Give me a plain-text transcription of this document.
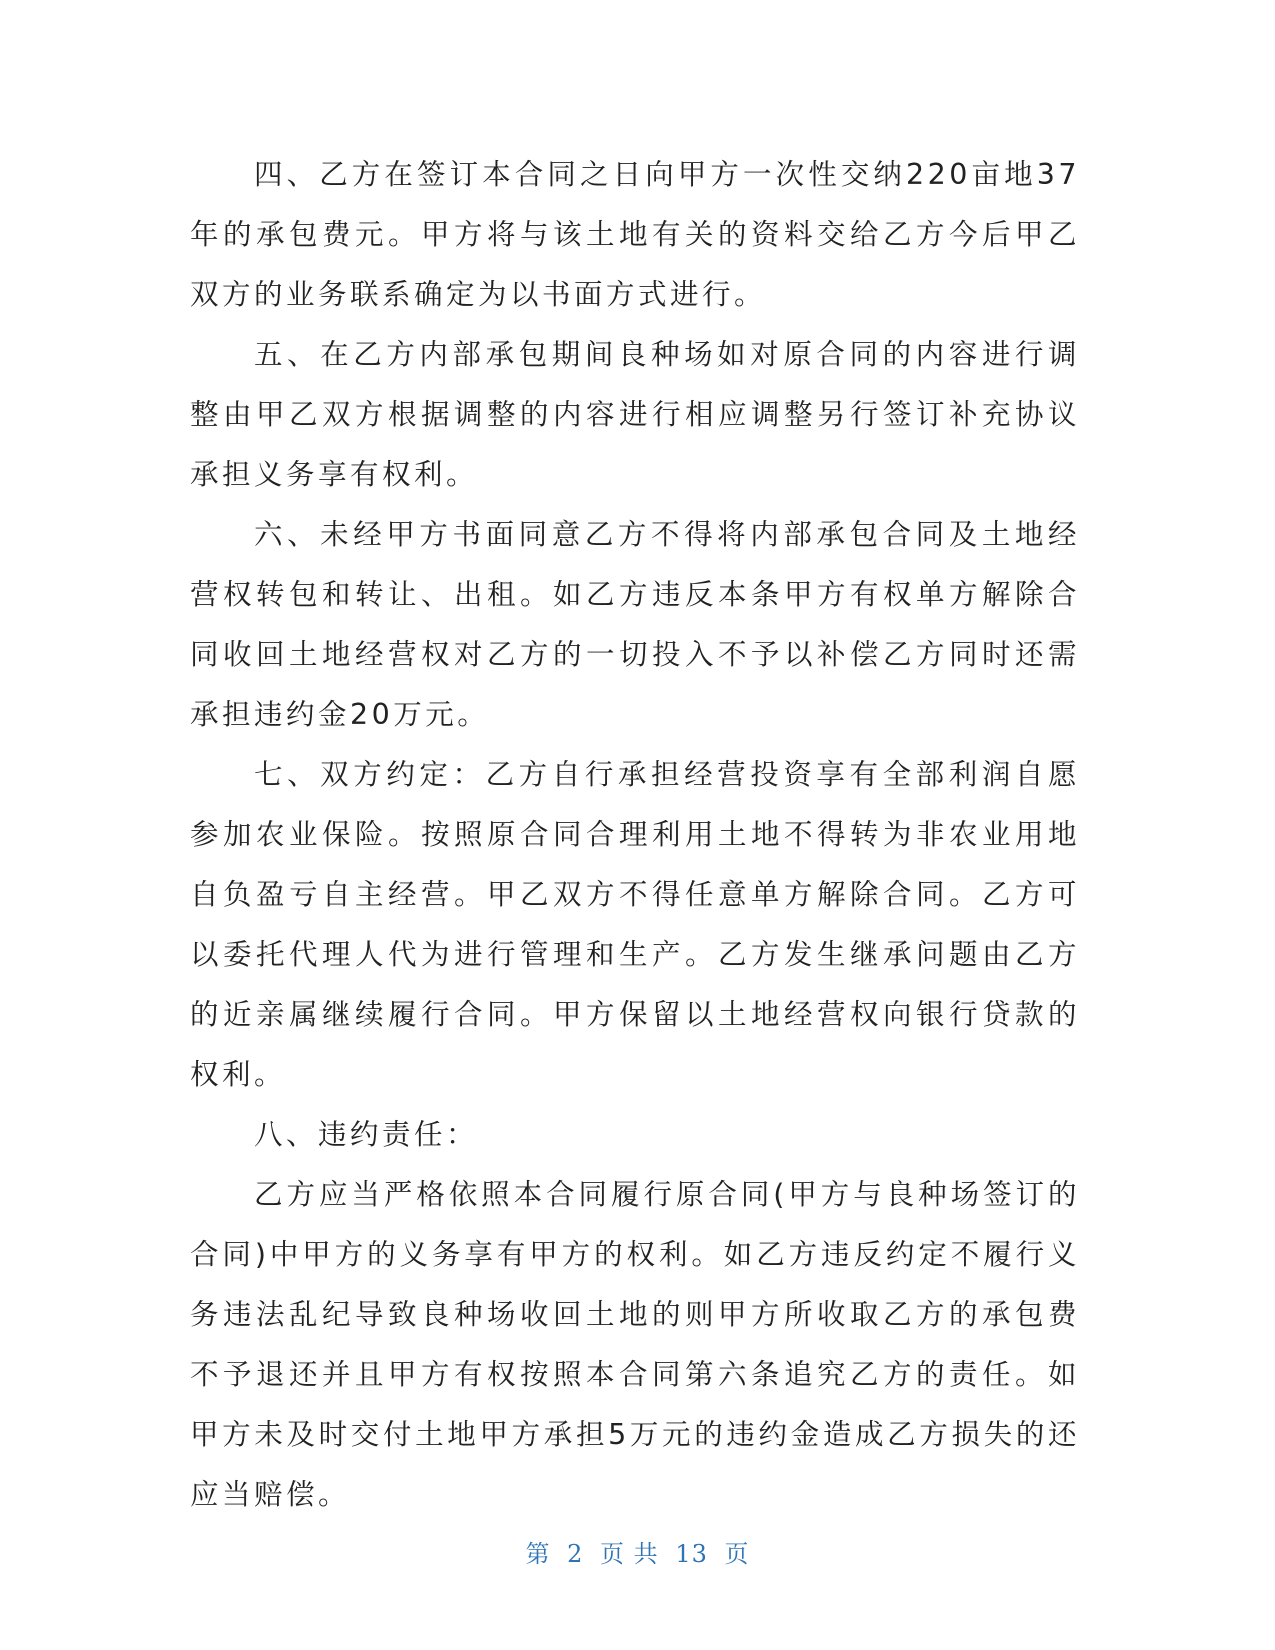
四、乙方在签订本合同之日向甲方一次性交纳220亩地37年的承包费元。甲方将与该土地有关的资料交给乙方今后甲乙双方的业务联系确定为以书面方式进行。

五、在乙方内部承包期间良种场如对原合同的内容进行调整由甲乙双方根据调整的内容进行相应调整另行签订补充协议承担义务享有权利。

六、未经甲方书面同意乙方不得将内部承包合同及土地经营权转包和转让、出租。如乙方违反本条甲方有权单方解除合同收回土地经营权对乙方的一切投入不予以补偿乙方同时还需承担违约金20万元。

七、双方约定：乙方自行承担经营投资享有全部利润自愿参加农业保险。按照原合同合理利用土地不得转为非农业用地自负盈亏自主经营。甲乙双方不得任意单方解除合同。乙方可以委托代理人代为进行管理和生产。乙方发生继承问题由乙方的近亲属继续履行合同。甲方保留以土地经营权向银行贷款的权利。

八、违约责任：

乙方应当严格依照本合同履行原合同(甲方与良种场签订的合同)中甲方的义务享有甲方的权利。如乙方违反约定不履行义务违法乱纪导致良种场收回土地的则甲方所收取乙方的承包费不予退还并且甲方有权按照本合同第六条追究乙方的责任。如甲方未及时交付土地甲方承担5万元的违约金造成乙方损失的还应当赔偿。

第 2 页 共 13 页
